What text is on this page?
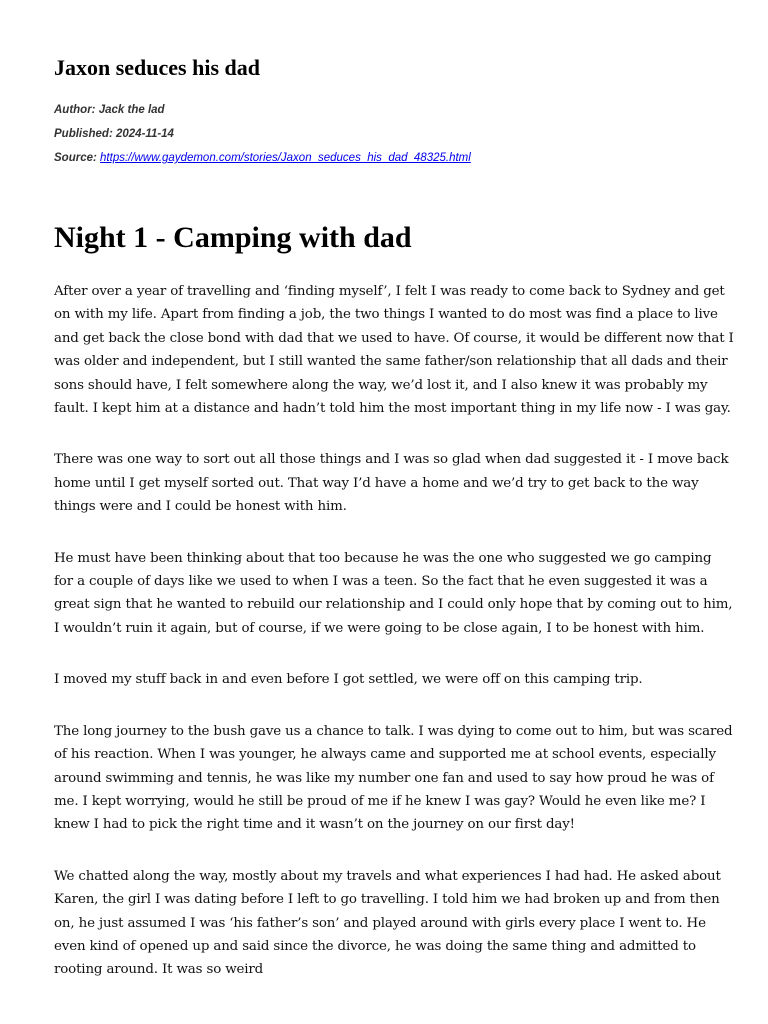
Jaxon seduces his dad
Author: Jack the lad
Published: 2024-11-14
Source: https://www.gaydemon.com/stories/Jaxon_seduces_his_dad_48325.html
Night 1 - Camping with dad

After over a year of travelling and ‘finding myself’, I felt I was ready to come back to Sydney and get on with my life. Apart from finding a job, the two things I wanted to do most was find a place to live and get back the close bond with dad that we used to have. Of course, it would be different now that I was older and independent, but I still wanted the same father/son relationship that all dads and their sons should have, I felt somewhere along the way, we’d lost it, and I also knew it was probably my fault. I kept him at a distance and hadn’t told him the most important thing in my life now - I was gay.

There was one way to sort out all those things and I was so glad when dad suggested it - I move back home until I get myself sorted out. That way I’d have a home and we’d try to get back to the way things were and I could be honest with him.

He must have been thinking about that too because he was the one who suggested we go camping for a couple of days like we used to when I was a teen. So the fact that he even suggested it was a great sign that he wanted to rebuild our relationship and I could only hope that by coming out to him, I wouldn’t ruin it again, but of course, if we were going to be close again, I to be honest with him.

I moved my stuff back in and even before I got settled, we were off on this camping trip.

The long journey to the bush gave us a chance to talk. I was dying to come out to him, but was scared of his reaction. When I was younger, he always came and supported me at school events, especially around swimming and tennis, he was like my number one fan and used to say how proud he was of me. I kept worrying, would he still be proud of me if he knew I was gay? Would he even like me? I knew I had to pick the right time and it wasn’t on the journey on our first day!

We chatted along the way, mostly about my travels and what experiences I had had. He asked about Karen, the girl I was dating before I left to go travelling. I told him we had broken up and from then on, he just assumed I was ‘his father’s son’ and played around with girls every place I went to. He even kind of opened up and said since the divorce, he was doing the same thing and admitted to rooting around. It was so weird
